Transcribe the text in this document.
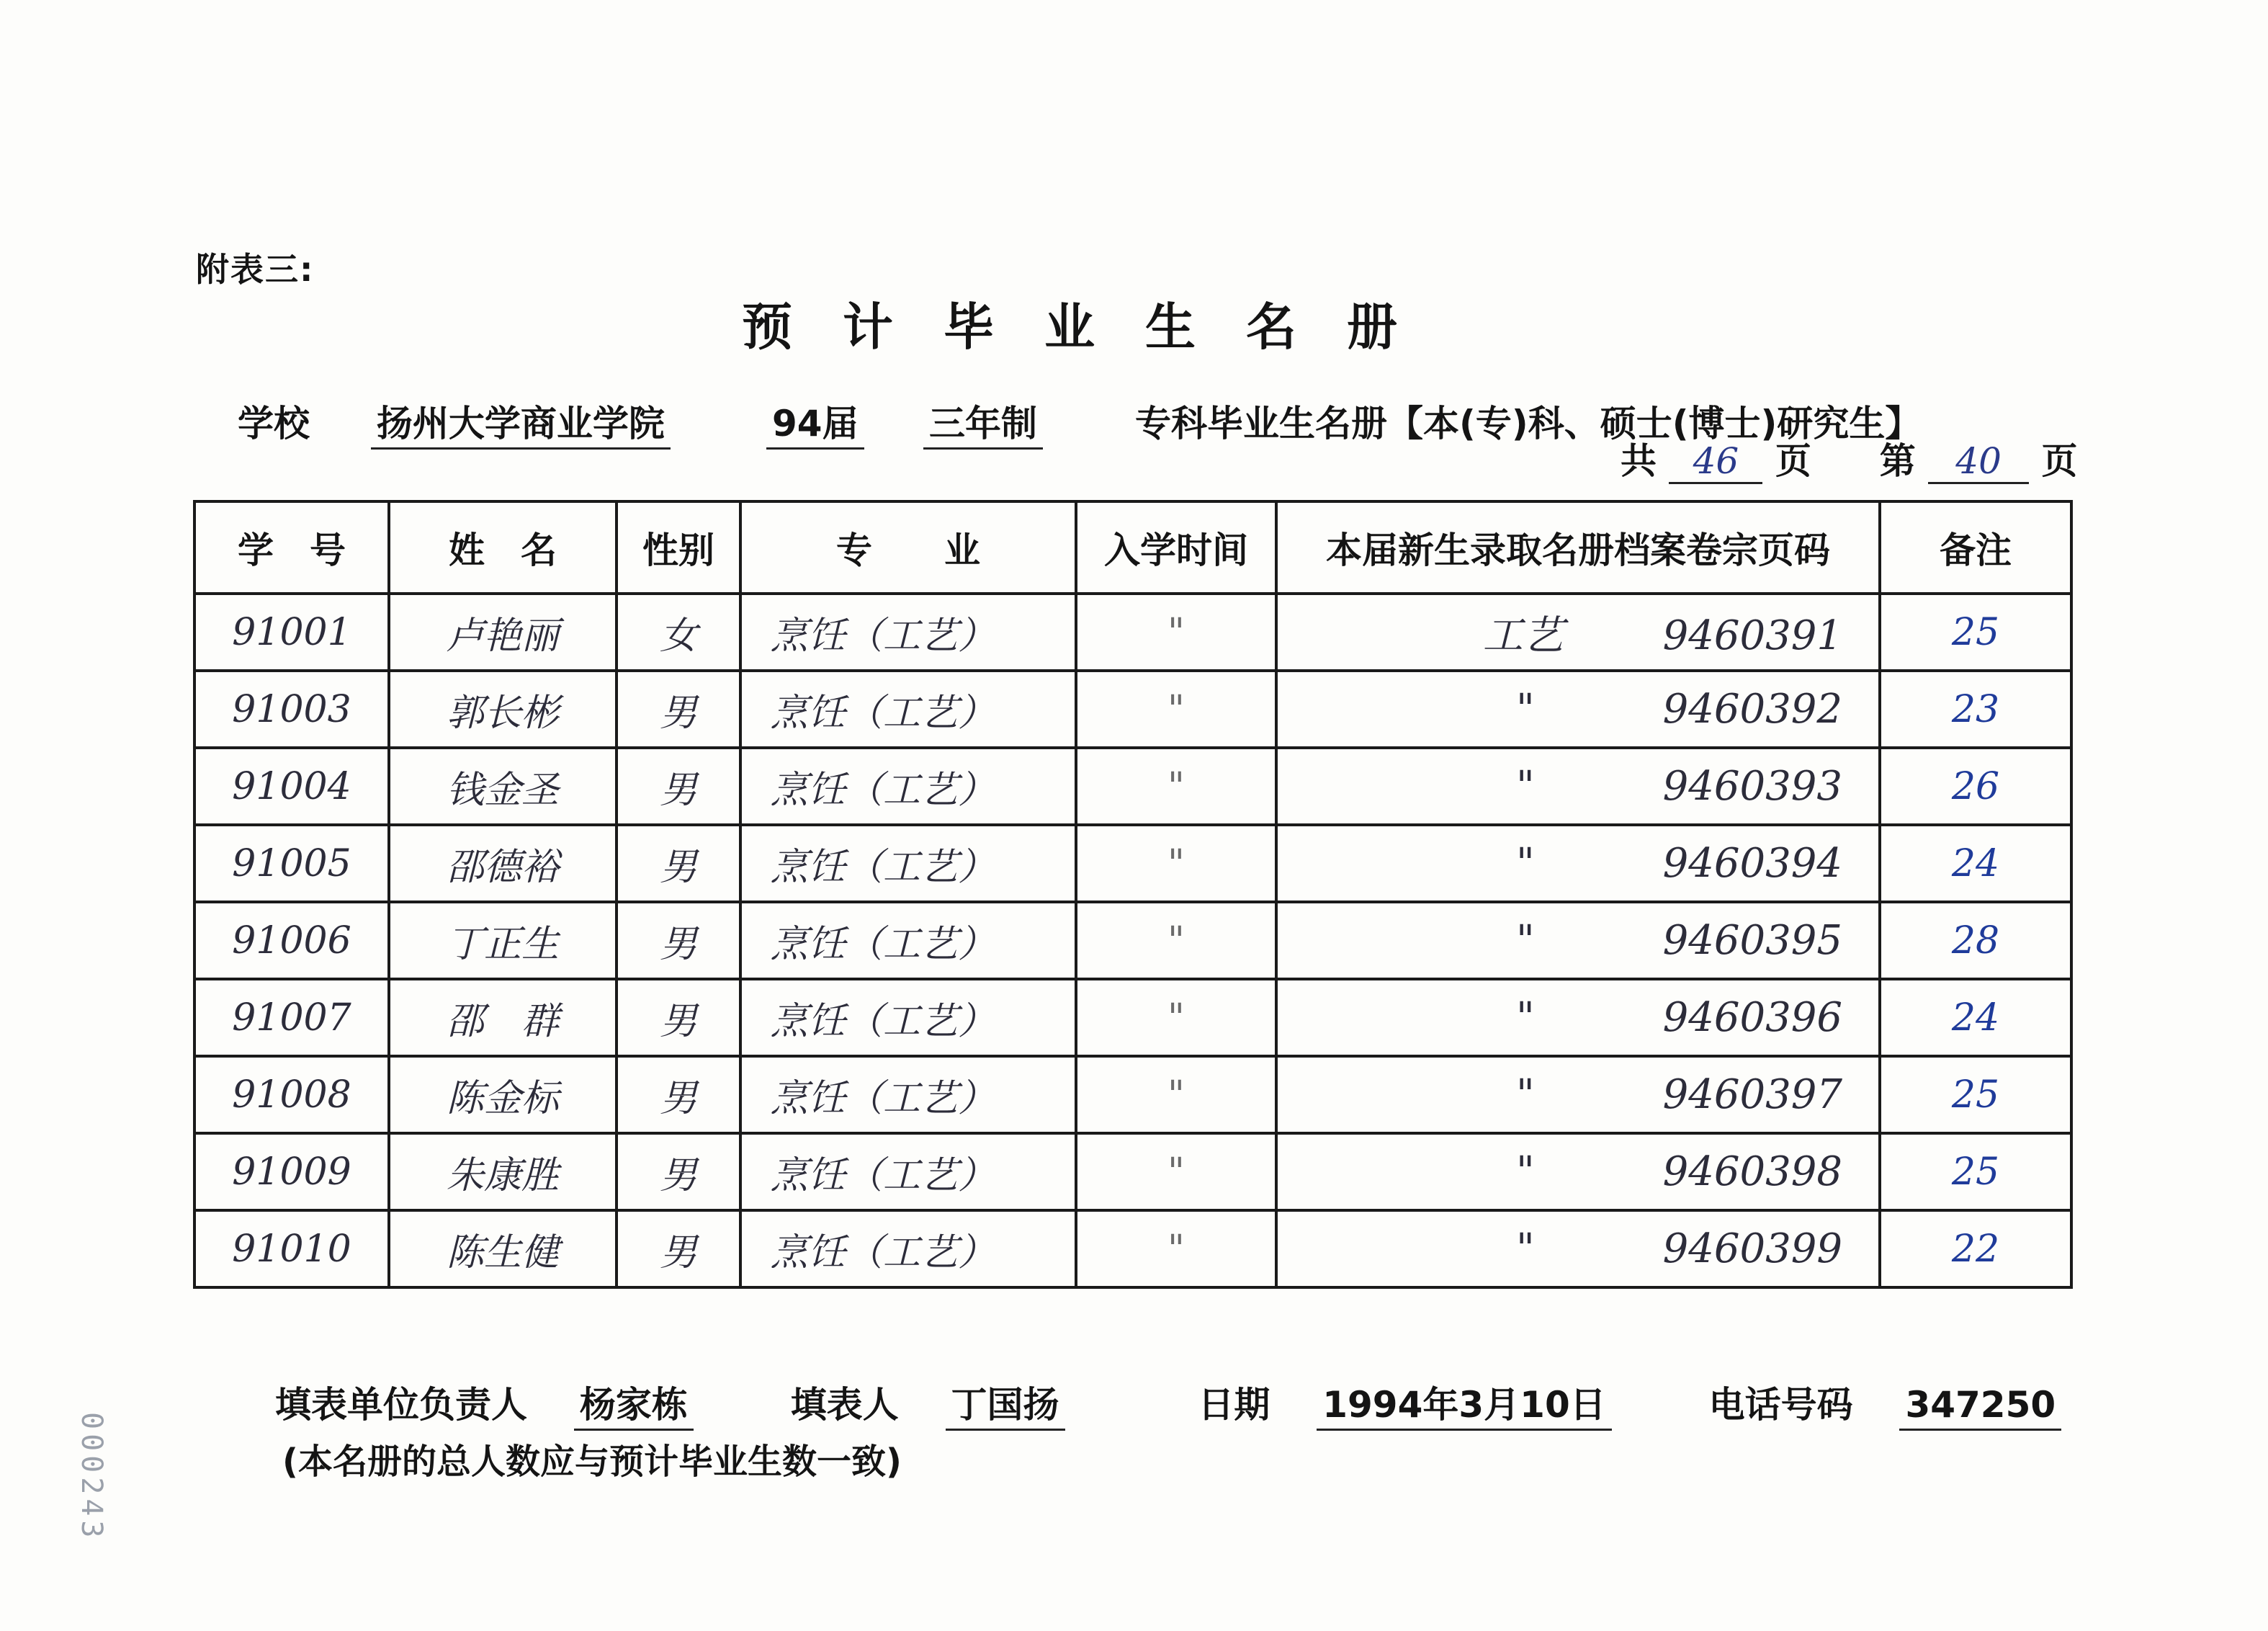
附表三:
预计毕业生名册
学校 扬州大学商业学院	94届 三年制	专科毕业生名册【本(专)科、硕士(博士)研究生】
共 46 页 第 40 页
学　号	姓　名	性别	专　　业	入学时间	本届新生录取名册档案卷宗页码	备注
91001	卢艳丽	女	烹饪（工艺）	"	工艺 9460391	25
91003	郭长彬	男	烹饪（工艺）	"	" 9460392	23
91004	钱金圣	男	烹饪（工艺）	"	" 9460393	26
91005	邵德裕	男	烹饪（工艺）	"	" 9460394	24
91006	丁正生	男	烹饪（工艺）	"	" 9460395	28
91007	邵　群	男	烹饪（工艺）	"	" 9460396	24
91008	陈金标	男	烹饪（工艺）	"	" 9460397	25
91009	朱康胜	男	烹饪（工艺）	"	" 9460398	25
91010	陈生健	男	烹饪（工艺）	"	" 9460399	22
填表单位负责人 杨家栋	填表人 丁国扬	日期 1994年3月10日	电话号码 347250
(本名册的总人数应与预计毕业生数一致)
000243
